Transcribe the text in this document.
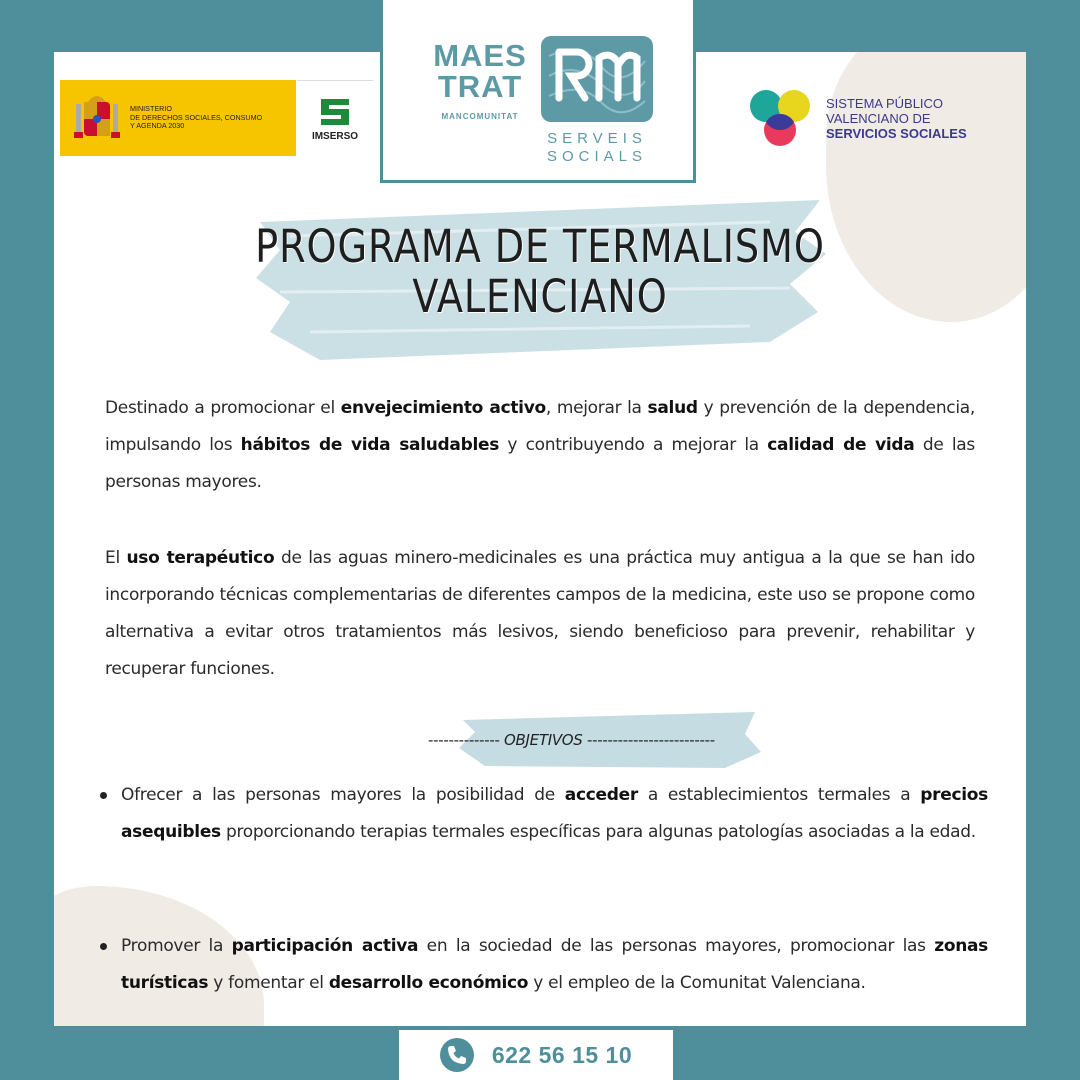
MINISTERIO
DE DERECHOS SOCIALES, CONSUMO
Y AGENDA 2030
IMSERSO
MAES
TRAT
MANCOMUNITAT
SERVEIS
SOCIALS
SISTEMA PÚBLICO
VALENCIANO DE
SERVICIOS SOCIALES
PROGRAMA DE TERMALISMO
VALENCIANO
Destinado a promocionar el envejecimiento activo, mejorar la salud y prevención de la dependencia, impulsando los hábitos de vida saludables y contribuyendo a mejorar la calidad de vida de las personas mayores.
El uso terapéutico de las aguas minero-medicinales es una práctica muy antigua a la que se han ido incorporando técnicas complementarias de diferentes campos de la medicina, este uso se propone como alternativa a evitar otros tratamientos más lesivos, siendo beneficioso para prevenir, rehabilitar y recuperar funciones.
-------------- OBJETIVOS -------------------------
Ofrecer a las personas mayores la posibilidad de acceder a establecimientos termales a precios asequibles proporcionando terapias termales específicas para algunas patologías asociadas a la edad.
Promover la participación activa en la sociedad de las personas mayores, promocionar las zonas turísticas y fomentar el desarrollo económico y el empleo de la Comunitat Valenciana.
622 56 15 10
